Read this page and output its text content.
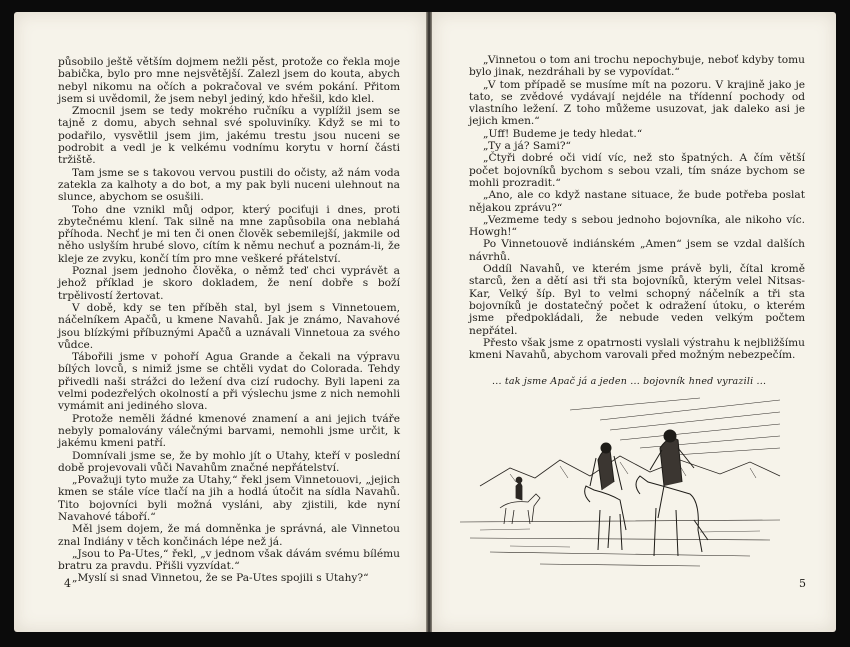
působilo ještě větším dojmem nežli pěst, protože co řekla moje babička, bylo pro mne nejsvětější. Zalezl jsem do kouta, abych nebyl nikomu na očích a pokračoval ve svém pokání. Přitom jsem si uvědomil, že jsem nebyl jediný, kdo hřešil, kdo klel.

Zmocnil jsem se tedy mokrého ručníku a vyplížil jsem se tajně z domu, abych sehnal své spoluviníky. Když se mi to podařilo, vysvětlil jsem jim, jakému trestu jsou nuceni se podrobit a vedl je k velkému vodnímu korytu v horní části tržiště.

Tam jsme se s takovou vervou pustili do očisty, až nám voda zatekla za kalhoty a do bot, a my pak byli nuceni ulehnout na slunce, abychom se osušili.

Toho dne vznikl můj odpor, který pociťuji i dnes, proti zbytečnému klení. Tak silně na mne zapůsobila ona neblahá příhoda. Nechť je mi ten či onen člověk sebemilejší, jakmile od něho uslyším hrubé slovo, cítím k němu nechuť a poznám-li, že kleje ze zvyku, končí tím pro mne veškeré přátelství.

Poznal jsem jednoho člověka, o němž teď chci vyprávět a jehož příklad je skoro dokladem, že není dobře s boží trpělivostí žertovat.

V době, kdy se ten příběh stal, byl jsem s Vinnetouem, náčelníkem Apačů, u kmene Navahů. Jak je známo, Navahové jsou blízkými příbuznými Apačů a uznávali Vinnetoua za svého vůdce.

Tábořili jsme v pohoří Agua Grande a čekali na výpravu bílých lovců, s nimiž jsme se chtěli vydat do Colorada. Tehdy přivedli naši strážci do ležení dva cizí rudochy. Byli lapeni za velmi podezřelých okolností a při výslechu jsme z nich nemohli vymámit ani jediného slova.

Protože neměli žádné kmenové znamení a ani jejich tváře nebyly pomalovány válečnými barvami, nemohli jsme určit, k jakému kmeni patří.

Domnívali jsme se, že by mohlo jít o Utahy, kteří v poslední době projevovali vůči Navahům značné nepřátelství.

„Považuji tyto muže za Utahy,“ řekl jsem Vinnetouovi, „jejich kmen se stále více tlačí na jih a hodlá útočit na sídla Navahů. Tito bojovníci byli možná vysláni, aby zjistili, kde nyní Navahové táboří.“

Měl jsem dojem, že má domněnka je správná, ale Vinnetou znal Indiány v těch končinách lépe než já.

„Jsou to Pa-Utes,“ řekl, „v jednom však dávám svému bílému bratru za pravdu. Přišli vyzvídat.“

„Myslí si snad Vinnetou, že se Pa-Utes spojili s Utahy?“

4

„Vinnetou o tom ani trochu nepochybuje, neboť kdyby tomu bylo jinak, nezdráhali by se vypovídat.“

„V tom případě se musíme mít na pozoru. V krajině jako je tato, se zvědové vydávají nejdéle na třídenní pochody od vlastního ležení. Z toho můžeme usuzovat, jak daleko asi je jejich kmen.“

„Uff! Budeme je tedy hledat.“

„Ty a já? Sami?“

„Čtyři dobré oči vidí víc, než sto špatných. A čím větší počet bojovníků bychom s sebou vzali, tím snáze bychom se mohli prozradit.“

„Ano, ale co když nastane situace, že bude potřeba poslat nějakou zprávu?“

„Vezmeme tedy s sebou jednoho bojovníka, ale nikoho víc. Howgh!“

Po Vinnetouově indiánském „Amen“ jsem se vzdal dalších návrhů.

Oddíl Navahů, ve kterém jsme právě byli, čítal kromě starců, žen a dětí asi tři sta bojovníků, kterým velel Nitsas-Kar, Velký šíp. Byl to velmi schopný náčelník a tři sta bojovníků je dostatečný počet k odražení útoku, o kterém jsme předpokládali, že nebude veden velkým počtem nepřátel.

Přesto však jsme z opatrnosti vyslali výstrahu k nejbližšímu kmeni Navahů, abychom varovali před možným nebezpečím.

... tak jsme Apač já a jeden ... bojovník hned vyrazili ...
5
